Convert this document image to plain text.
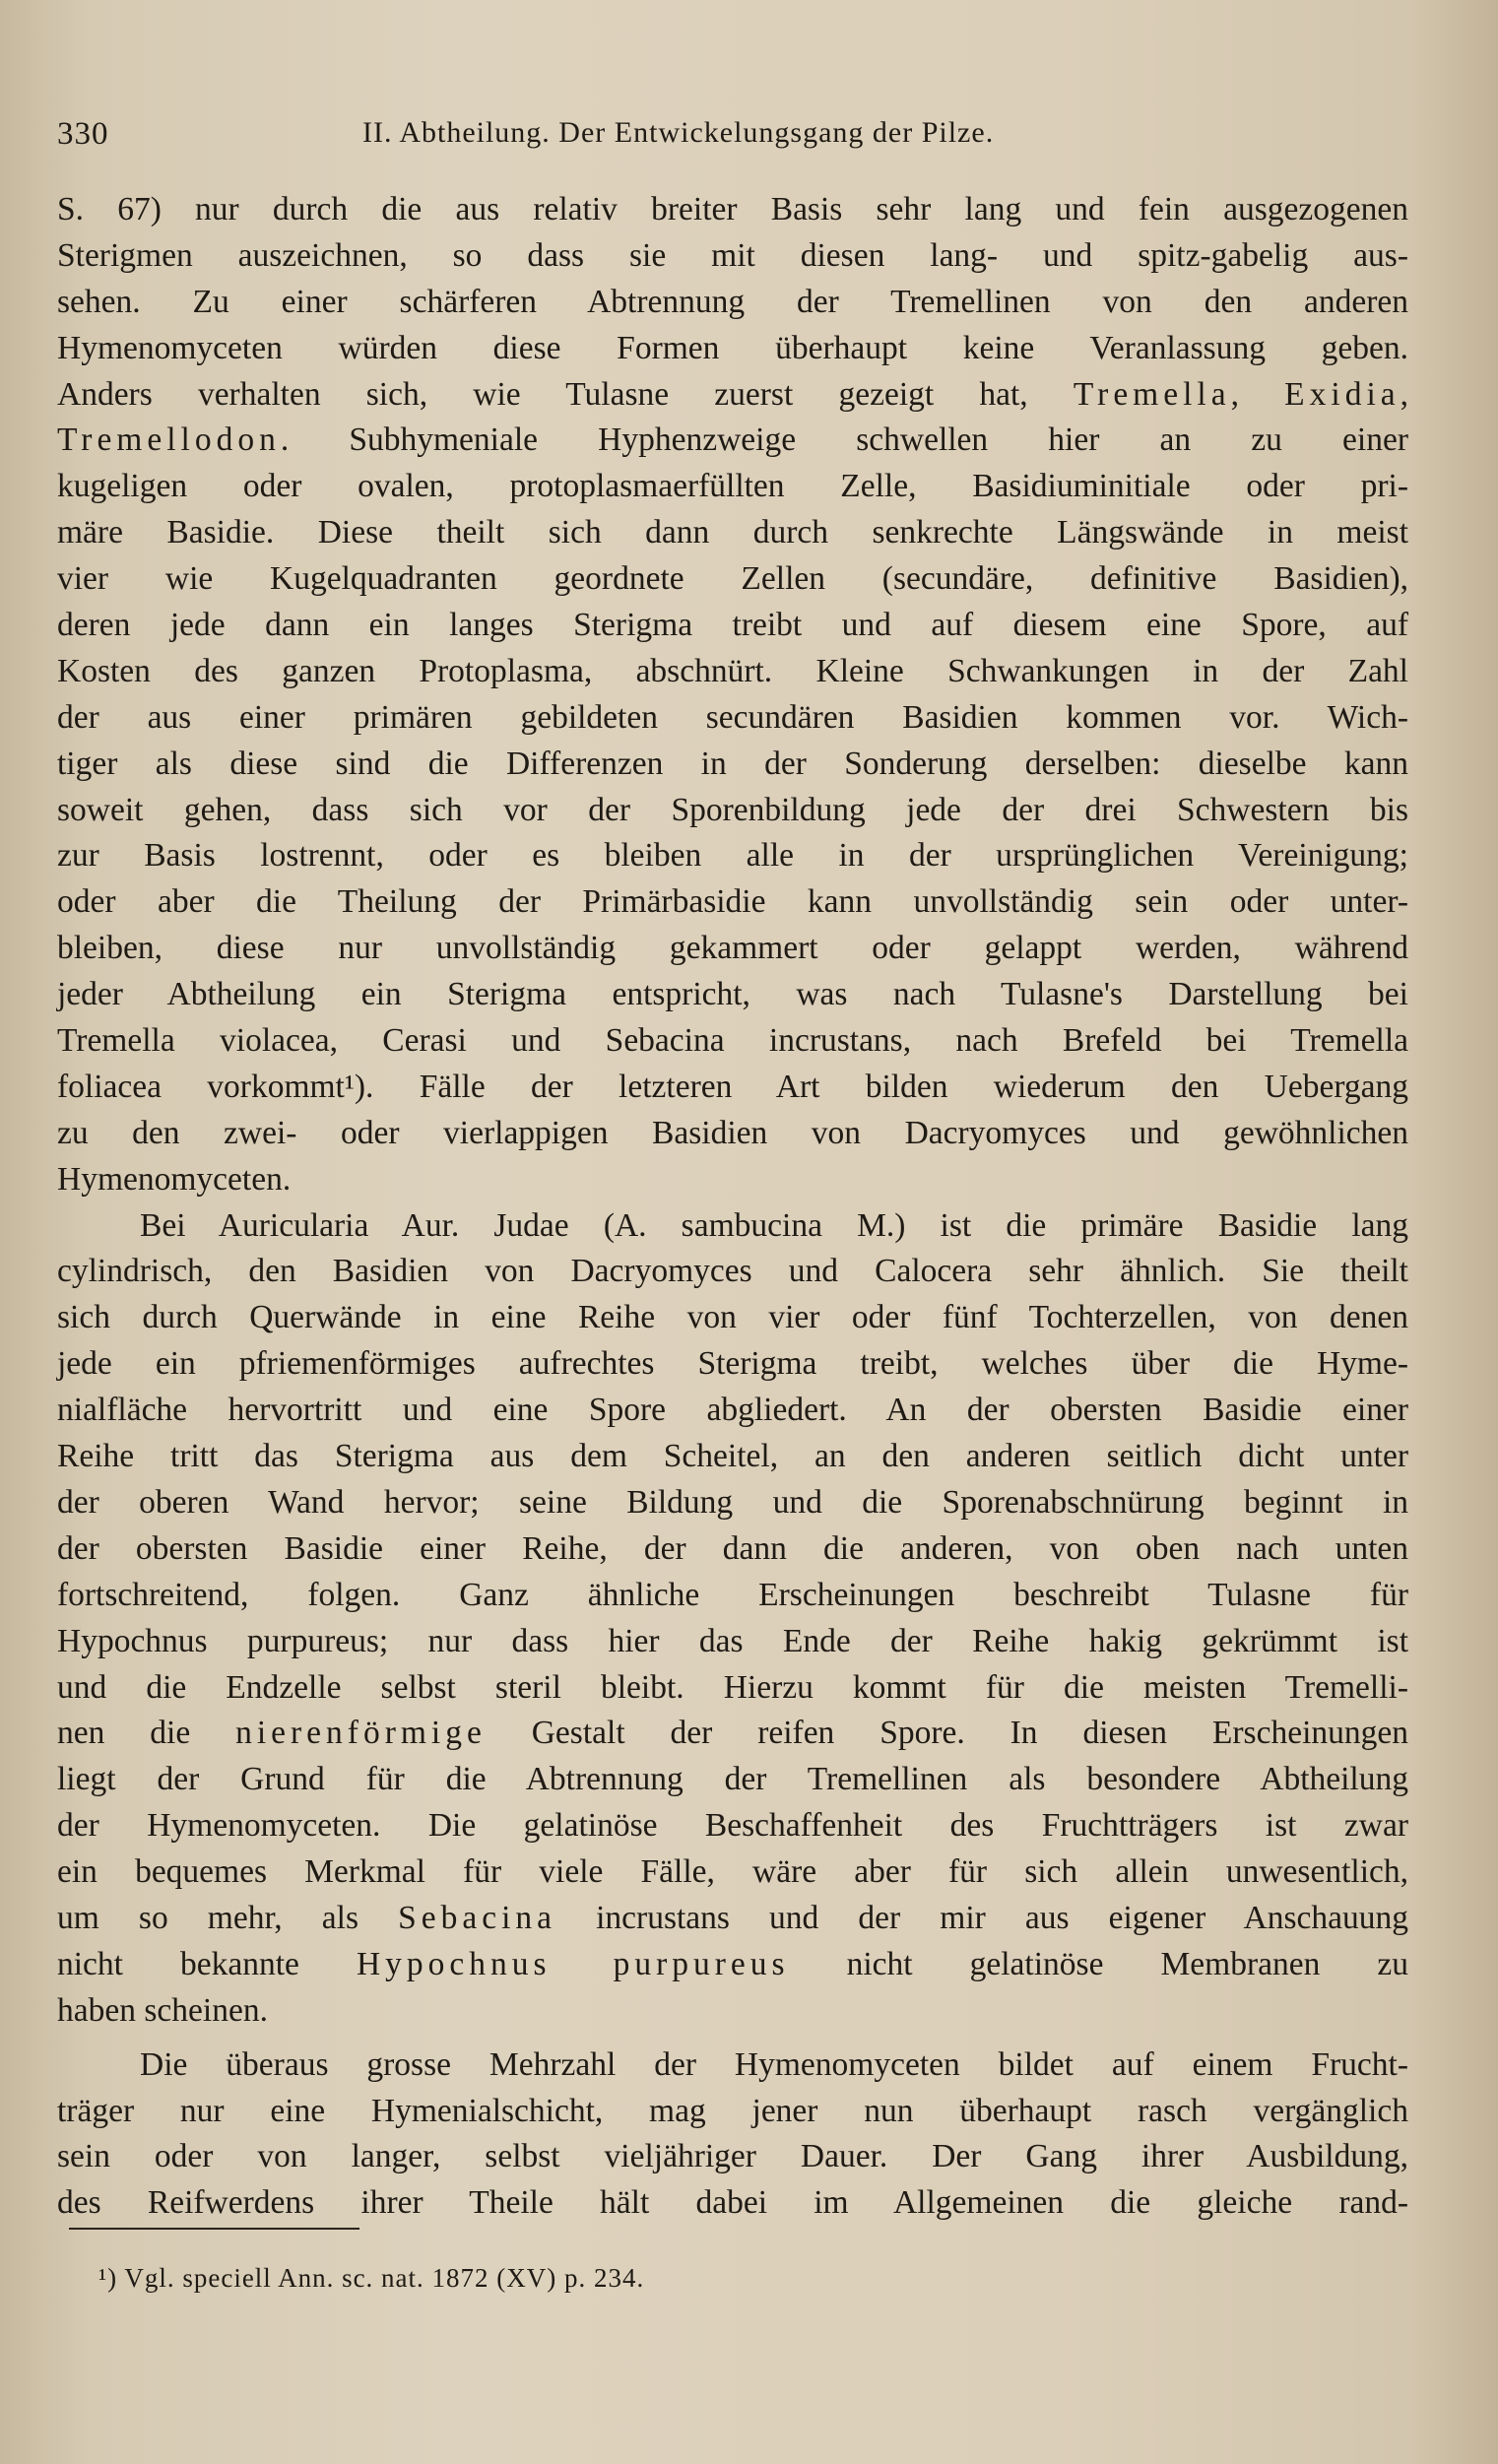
330	II. Abtheilung. Der Entwickelungsgang der Pilze.
S. 67) nur durch die aus relativ breiter Basis sehr lang und fein ausgezogenen
Sterigmen auszeichnen, so dass sie mit diesen lang- und spitz-gabelig aus-
sehen. Zu einer schärferen Abtrennung der Tremellinen von den anderen
Hymenomyceten würden diese Formen überhaupt keine Veranlassung geben.
Anders verhalten sich, wie Tulasne zuerst gezeigt hat, Tremella, Exidia,
Tremellodon. Subhymeniale Hyphenzweige schwellen hier an zu einer
kugeligen oder ovalen, protoplasmaerfüllten Zelle, Basidiuminitiale oder pri-
märe Basidie. Diese theilt sich dann durch senkrechte Längswände in meist
vier wie Kugelquadranten geordnete Zellen (secundäre, definitive Basidien),
deren jede dann ein langes Sterigma treibt und auf diesem eine Spore, auf
Kosten des ganzen Protoplasma, abschnürt. Kleine Schwankungen in der Zahl
der aus einer primären gebildeten secundären Basidien kommen vor. Wich-
tiger als diese sind die Differenzen in der Sonderung derselben: dieselbe kann
soweit gehen, dass sich vor der Sporenbildung jede der drei Schwestern bis
zur Basis lostrennt, oder es bleiben alle in der ursprünglichen Vereinigung;
oder aber die Theilung der Primärbasidie kann unvollständig sein oder unter-
bleiben, diese nur unvollständig gekammert oder gelappt werden, während
jeder Abtheilung ein Sterigma entspricht, was nach Tulasne's Darstellung bei
Tremella violacea, Cerasi und Sebacina incrustans, nach Brefeld bei Tremella
foliacea vorkommt¹). Fälle der letzteren Art bilden wiederum den Uebergang
zu den zwei- oder vierlappigen Basidien von Dacryomyces und gewöhnlichen
Hymenomyceten.
Bei Auricularia Aur. Judae (A. sambucina M.) ist die primäre Basidie lang
cylindrisch, den Basidien von Dacryomyces und Calocera sehr ähnlich. Sie theilt
sich durch Querwände in eine Reihe von vier oder fünf Tochterzellen, von denen
jede ein pfriemenförmiges aufrechtes Sterigma treibt, welches über die Hyme-
nialfläche hervortritt und eine Spore abgliedert. An der obersten Basidie einer
Reihe tritt das Sterigma aus dem Scheitel, an den anderen seitlich dicht unter
der oberen Wand hervor; seine Bildung und die Sporenabschnürung beginnt in
der obersten Basidie einer Reihe, der dann die anderen, von oben nach unten
fortschreitend, folgen. Ganz ähnliche Erscheinungen beschreibt Tulasne für
Hypochnus purpureus; nur dass hier das Ende der Reihe hakig gekrümmt ist
und die Endzelle selbst steril bleibt. Hierzu kommt für die meisten Tremelli-
nen die nierenförmige Gestalt der reifen Spore. In diesen Erscheinungen
liegt der Grund für die Abtrennung der Tremellinen als besondere Abtheilung
der Hymenomyceten. Die gelatinöse Beschaffenheit des Fruchtträgers ist zwar
ein bequemes Merkmal für viele Fälle, wäre aber für sich allein unwesentlich,
um so mehr, als Sebacina incrustans und der mir aus eigener Anschauung
nicht bekannte Hypochnus purpureus nicht gelatinöse Membranen zu
haben scheinen.
Die überaus grosse Mehrzahl der Hymenomyceten bildet auf einem Frucht-
träger nur eine Hymenialschicht, mag jener nun überhaupt rasch vergänglich
sein oder von langer, selbst vieljähriger Dauer. Der Gang ihrer Ausbildung,
des Reifwerdens ihrer Theile hält dabei im Allgemeinen die gleiche rand-
¹) Vgl. speciell Ann. sc. nat. 1872 (XV) p. 234.
